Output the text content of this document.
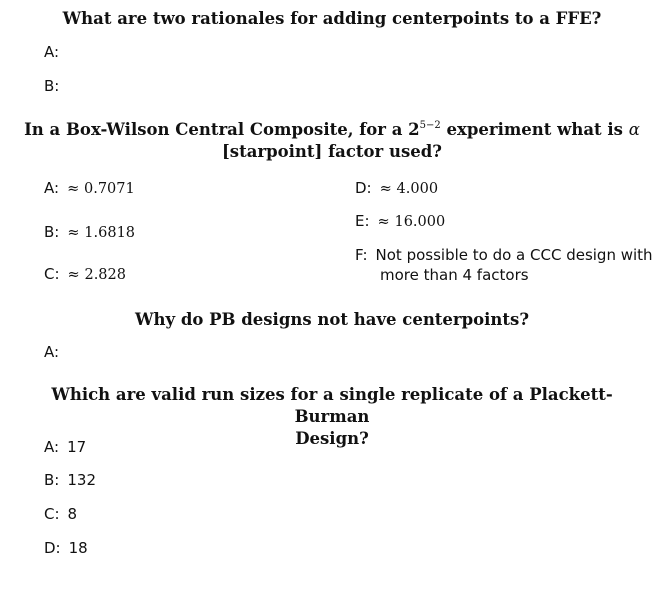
What are two rationales for adding centerpoints to a FFE?
A:
B:
In a Box-Wilson Central Composite, for a $2^{5-2}$ experiment what is α
[starpoint] factor used?
A: ≈ 0.7071
B: ≈ 1.6818
C: ≈ 2.828
D: ≈ 4.000
E: ≈ 16.000
F: Not possible to do a CCC design with
more than 4 factors
Why do PB designs not have centerpoints?
A:
Which are valid run sizes for a single replicate of a Plackett-Burman
Design?
A: 17
B: 132
C: 8
D: 18
